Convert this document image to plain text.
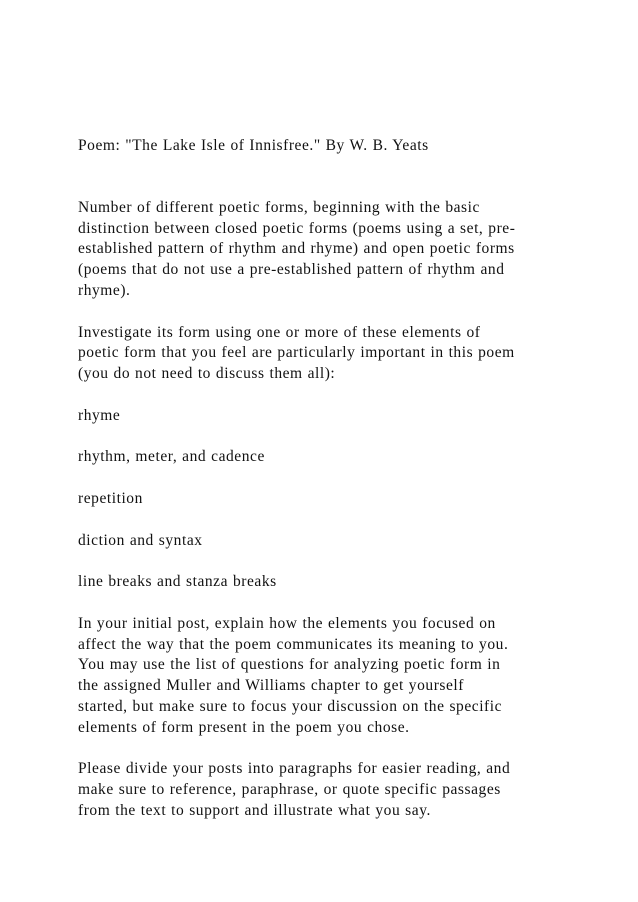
Poem: "The Lake Isle of Innisfree." By W. B. Yeats

Number of different poetic forms, beginning with the basic
distinction between closed poetic forms (poems using a set, pre-
established pattern of rhythm and rhyme) and open poetic forms
(poems that do not use a pre-established pattern of rhythm and
rhyme).

Investigate its form using one or more of these elements of
poetic form that you feel are particularly important in this poem
(you do not need to discuss them all):

rhyme

rhythm, meter, and cadence

repetition

diction and syntax

line breaks and stanza breaks

In your initial post, explain how the elements you focused on
affect the way that the poem communicates its meaning to you.
You may use the list of questions for analyzing poetic form in
the assigned Muller and Williams chapter to get yourself
started, but make sure to focus your discussion on the specific
elements of form present in the poem you chose.

Please divide your posts into paragraphs for easier reading, and
make sure to reference, paraphrase, or quote specific passages
from the text to support and illustrate what you say.
